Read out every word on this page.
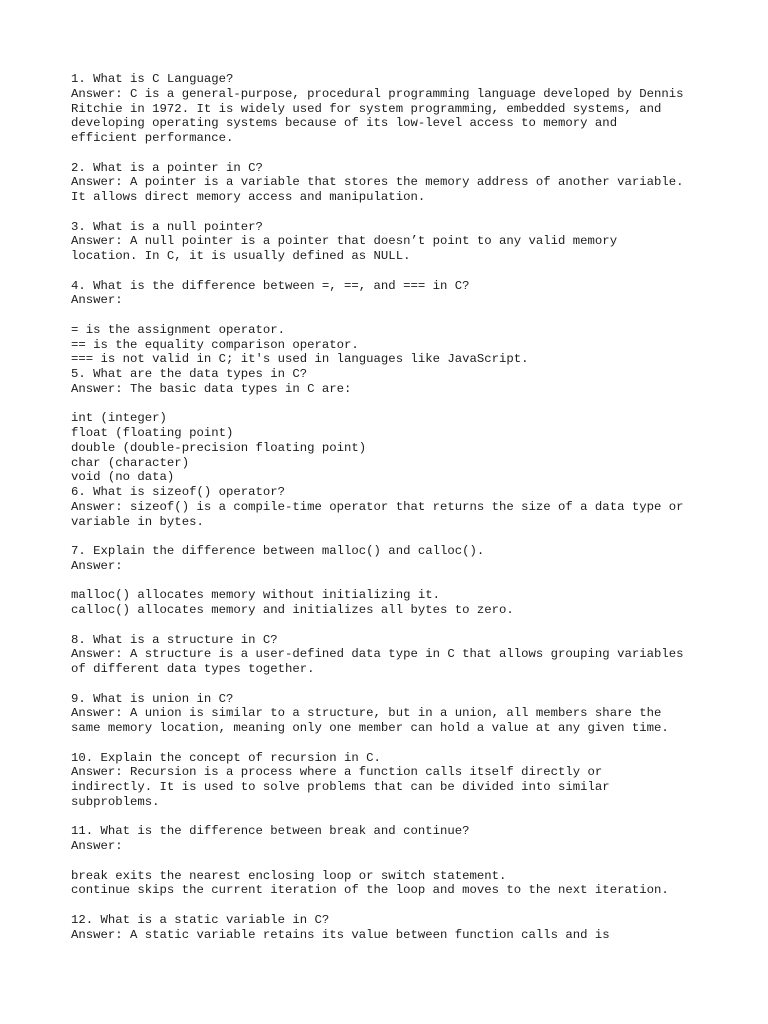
1. What is C Language?
Answer: C is a general-purpose, procedural programming language developed by Dennis
Ritchie in 1972. It is widely used for system programming, embedded systems, and
developing operating systems because of its low-level access to memory and
efficient performance.
2. What is a pointer in C?
Answer: A pointer is a variable that stores the memory address of another variable.
It allows direct memory access and manipulation.
3. What is a null pointer?
Answer: A null pointer is a pointer that doesn’t point to any valid memory
location. In C, it is usually defined as NULL.
4. What is the difference between =, ==, and === in C?
Answer:
= is the assignment operator.
== is the equality comparison operator.
=== is not valid in C; it's used in languages like JavaScript.
5. What are the data types in C?
Answer: The basic data types in C are:
int (integer)
float (floating point)
double (double-precision floating point)
char (character)
void (no data)
6. What is sizeof() operator?
Answer: sizeof() is a compile-time operator that returns the size of a data type or
variable in bytes.
7. Explain the difference between malloc() and calloc().
Answer:
malloc() allocates memory without initializing it.
calloc() allocates memory and initializes all bytes to zero.
8. What is a structure in C?
Answer: A structure is a user-defined data type in C that allows grouping variables
of different data types together.
9. What is union in C?
Answer: A union is similar to a structure, but in a union, all members share the
same memory location, meaning only one member can hold a value at any given time.
10. Explain the concept of recursion in C.
Answer: Recursion is a process where a function calls itself directly or
indirectly. It is used to solve problems that can be divided into similar
subproblems.
11. What is the difference between break and continue?
Answer:
break exits the nearest enclosing loop or switch statement.
continue skips the current iteration of the loop and moves to the next iteration.
12. What is a static variable in C?
Answer: A static variable retains its value between function calls and is
